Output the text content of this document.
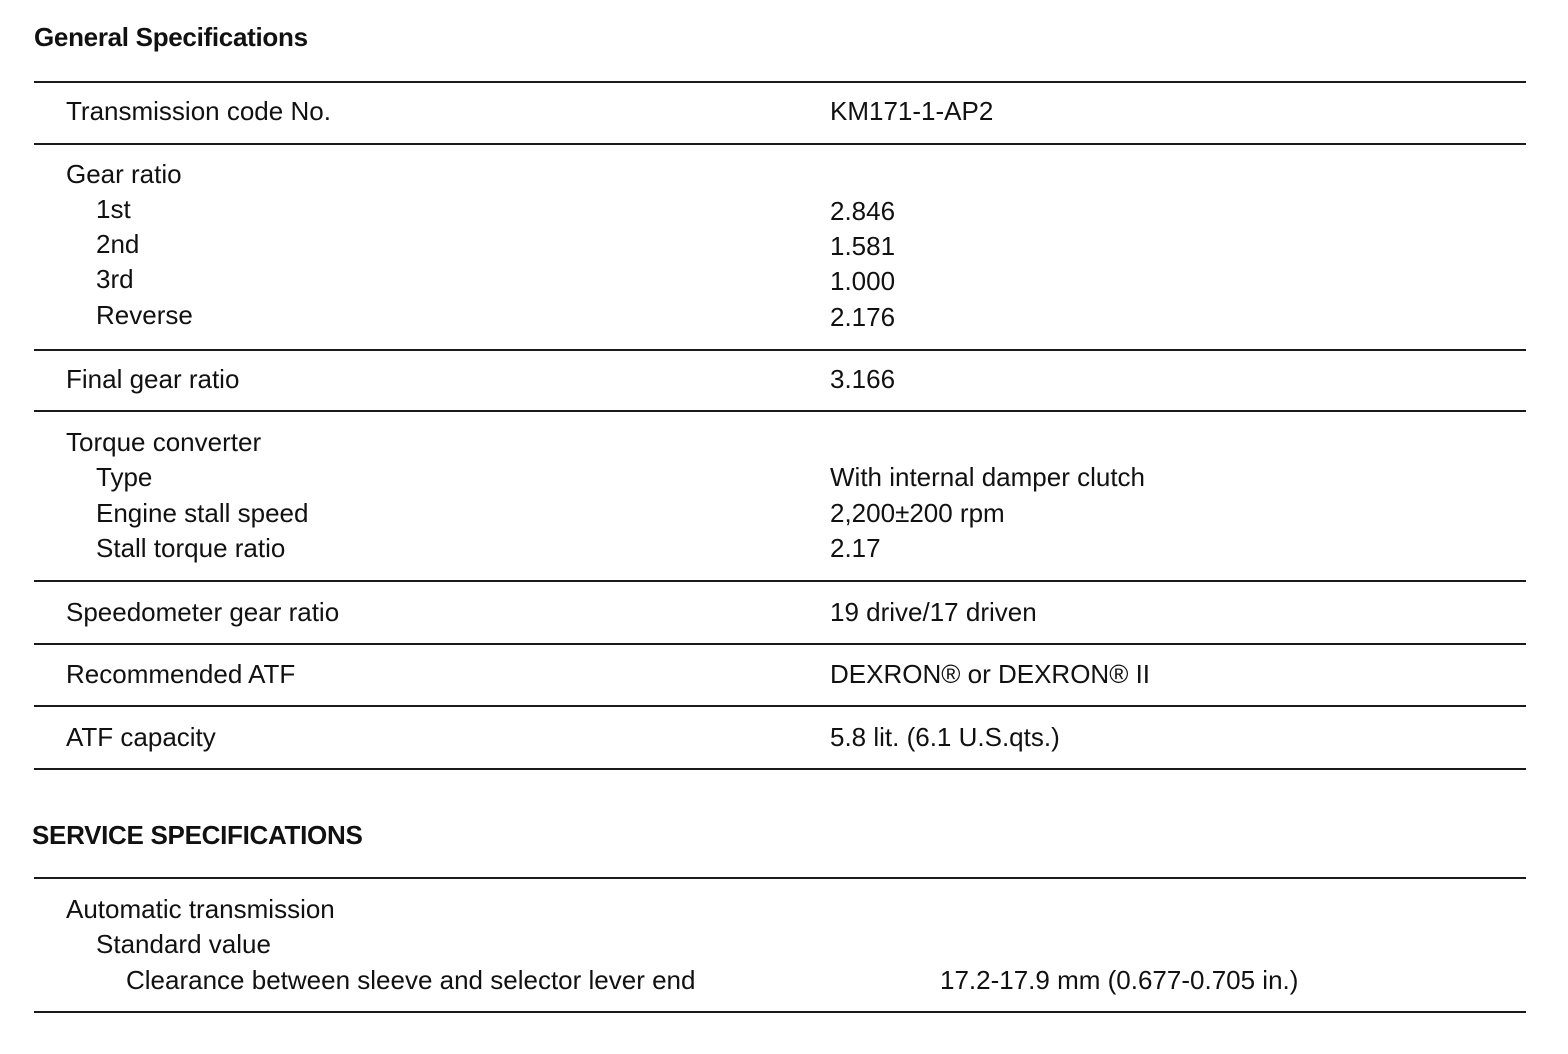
General Specifications
Transmission code No.	KM171-1-AP2
Gear ratio
1st	2.846
2nd	1.581
3rd	1.000
Reverse	2.176
Final gear ratio	3.166
Torque converter
Type	With internal damper clutch
Engine stall speed	2,200±200 rpm
Stall torque ratio	2.17
Speedometer gear ratio	19 drive/17 driven
Recommended ATF	DEXRON® or DEXRON® II
ATF capacity	5.8 lit. (6.1 U.S.qts.)
SERVICE SPECIFICATIONS
Automatic transmission
Standard value
Clearance between sleeve and selector lever end	17.2-17.9 mm (0.677-0.705 in.)
